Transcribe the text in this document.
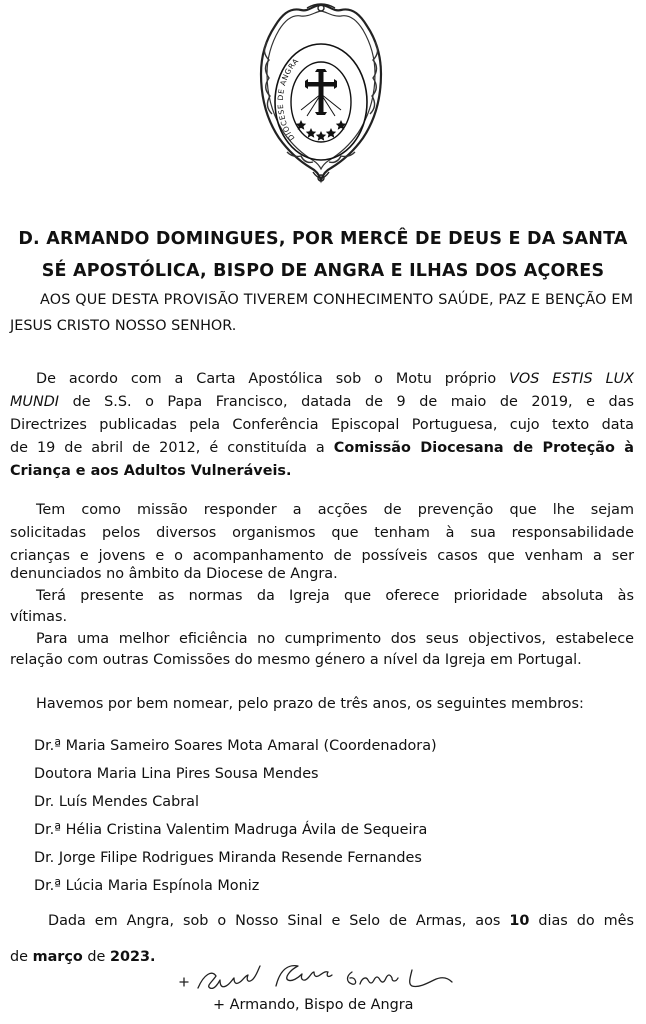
DIOCESE DE ANGRA
D. ARMANDO DOMINGUES, POR MERCÊ DE DEUS E DA SANTA
SÉ APOSTÓLICA, BISPO DE ANGRA E ILHAS DOS AÇORES
AOS QUE DESTA PROVISÃO TIVEREM CONHECIMENTO SAÚDE, PAZ E BENÇÃO EM
JESUS CRISTO NOSSO SENHOR.
De acordo com a Carta Apostólica sob o Motu próprio VOS ESTIS LUX
MUNDI de S.S. o Papa Francisco, datada de 9 de maio de 2019, e das
Directrizes publicadas pela Conferência Episcopal Portuguesa, cujo texto data
de 19 de abril de 2012, é constituída a Comissão Diocesana de Proteção à
Criança e aos Adultos Vulneráveis.
Tem como missão responder a acções de prevenção que lhe sejam
solicitadas pelos diversos organismos que tenham à sua responsabilidade
crianças e jovens e o acompanhamento de possíveis casos que venham a ser
denunciados no âmbito da Diocese de Angra.
Terá presente as normas da Igreja que oferece prioridade absoluta às
vítimas.
Para uma melhor eficiência no cumprimento dos seus objectivos, estabelece
relação com outras Comissões do mesmo género a nível da Igreja em Portugal.
Havemos por bem nomear, pelo prazo de três anos, os seguintes membros:
Dr.ª Maria Sameiro Soares Mota Amaral (Coordenadora)
Doutora Maria Lina Pires Sousa Mendes
Dr. Luís Mendes Cabral
Dr.ª Hélia Cristina Valentim Madruga Ávila de Sequeira
Dr. Jorge Filipe Rodrigues Miranda Resende Fernandes
Dr.ª Lúcia Maria Espínola Moniz
Dada em Angra, sob o Nosso Sinal e Selo de Armas, aos 10 dias do mês
de março de 2023.
+ Armando, Bispo de Angra
